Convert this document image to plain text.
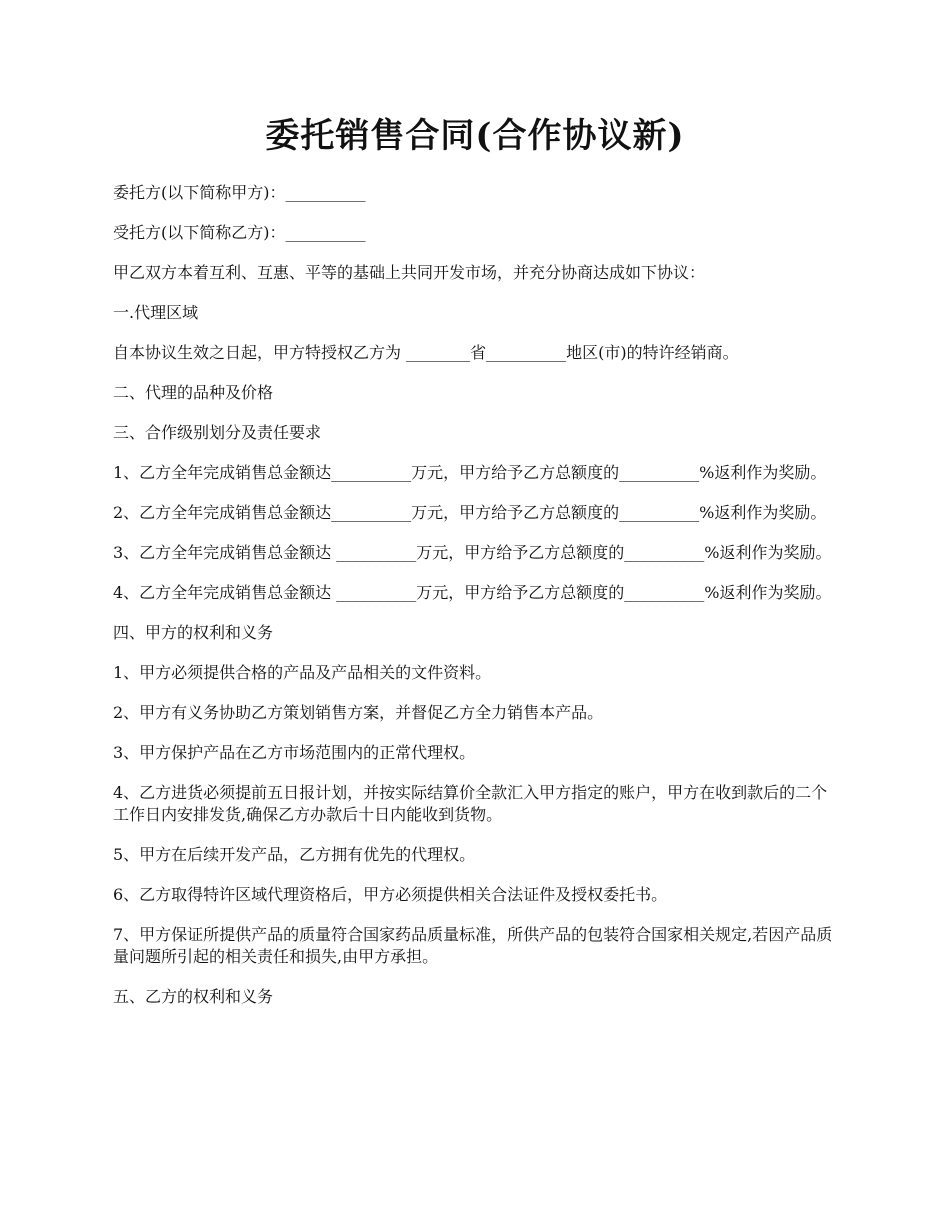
委托销售合同(合作协议新)

委托方(以下简称甲方)：__________

受托方(以下简称乙方)：__________

甲乙双方本着互利、互惠、平等的基础上共同开发市场，并充分协商达成如下协议：

一.代理区域

自本协议生效之日起，甲方特授权乙方为 ________省__________地区(市)的特许经销商。

二、代理的品种及价格

三、合作级别划分及责任要求

1、乙方全年完成销售总金额达__________万元，甲方给予乙方总额度的__________%返利作为奖励。

2、乙方全年完成销售总金额达__________万元，甲方给予乙方总额度的__________%返利作为奖励。

3、乙方全年完成销售总金额达 __________万元，甲方给予乙方总额度的__________%返利作为奖励。

4、乙方全年完成销售总金额达 __________万元，甲方给予乙方总额度的__________%返利作为奖励。

四、甲方的权利和义务

1、甲方必须提供合格的产品及产品相关的文件资料。

2、甲方有义务协助乙方策划销售方案，并督促乙方全力销售本产品。

3、甲方保护产品在乙方市场范围内的正常代理权。

4、乙方进货必须提前五日报计划，并按实际结算价全款汇入甲方指定的账户，甲方在收到款后的二个工作日内安排发货,确保乙方办款后十日内能收到货物。

5、甲方在后续开发产品，乙方拥有优先的代理权。

6、乙方取得特许区域代理资格后，甲方必须提供相关合法证件及授权委托书。

7、甲方保证所提供产品的质量符合国家药品质量标准，所供产品的包装符合国家相关规定,若因产品质量问题所引起的相关责任和损失,由甲方承担。

五、乙方的权利和义务
